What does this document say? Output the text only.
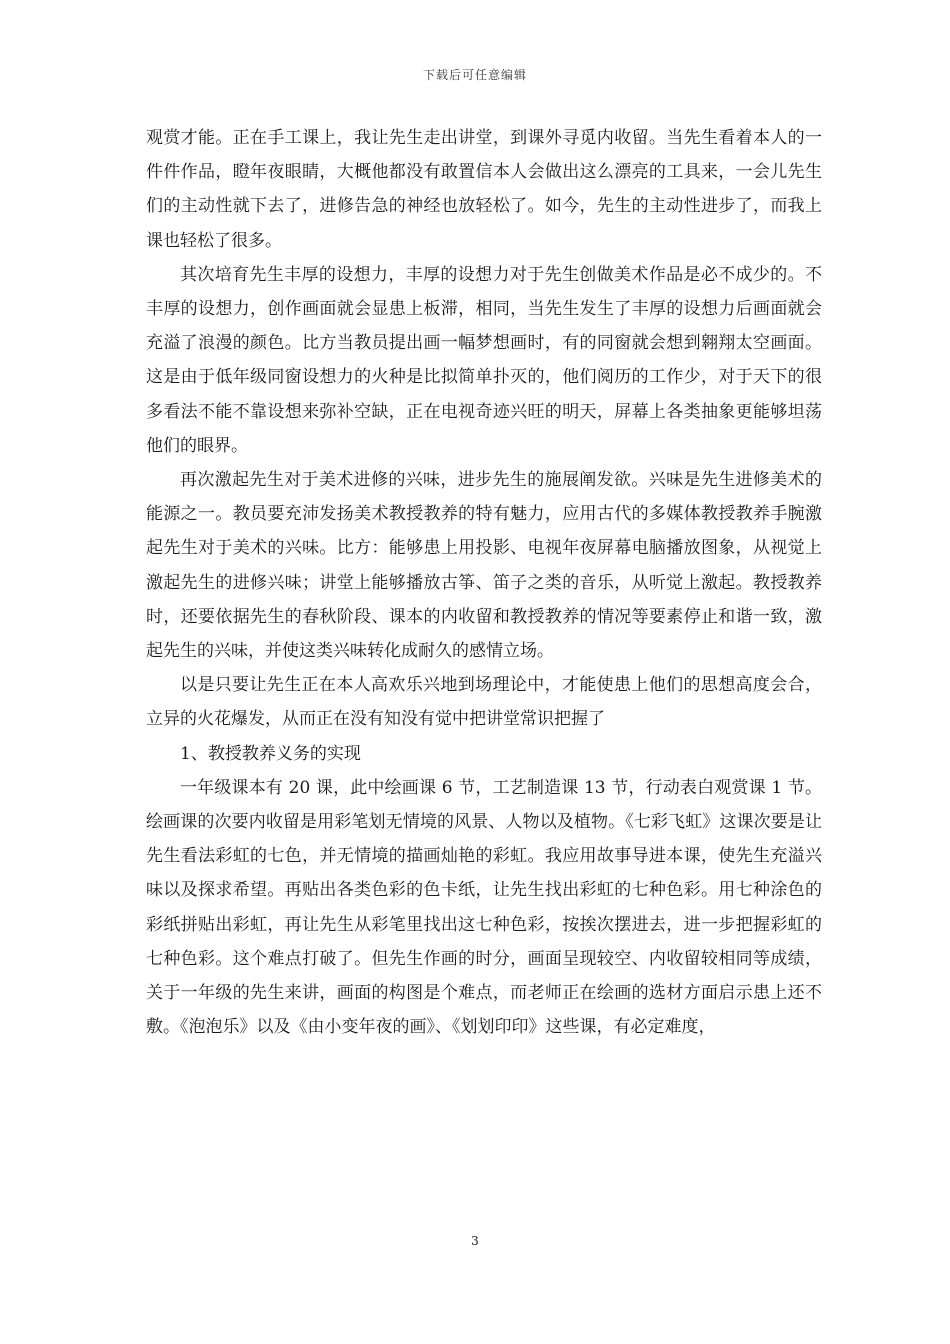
下载后可任意编辑

观赏才能。正在手工课上，我让先生走出讲堂，到课外寻觅内收留。当先生看着本人的一件件作品，瞪年夜眼睛，大概他都没有敢置信本人会做出这么漂亮的工具来，一会儿先生们的主动性就下去了，进修告急的神经也放轻松了。如今，先生的主动性进步了，而我上课也轻松了很多。

其次培育先生丰厚的设想力，丰厚的设想力对于先生创做美术作品是必不成少的。不丰厚的设想力，创作画面就会显患上板滞，相同，当先生发生了丰厚的设想力后画面就会充溢了浪漫的颜色。比方当教员提出画一幅梦想画时，有的同窗就会想到翱翔太空画面。这是由于低年级同窗设想力的火种是比拟简单扑灭的，他们阅历的工作少，对于天下的很多看法不能不靠设想来弥补空缺，正在电视奇迹兴旺的明天，屏幕上各类抽象更能够坦荡他们的眼界。

再次激起先生对于美术进修的兴味，进步先生的施展阐发欲。兴味是先生进修美术的能源之一。教员要充沛发扬美术教授教养的特有魅力，应用古代的多媒体教授教养手腕激起先生对于美术的兴味。比方：能够患上用投影、电视年夜屏幕电脑播放图象，从视觉上激起先生的进修兴味；讲堂上能够播放古筝、笛子之类的音乐，从听觉上激起。教授教养时，还要依据先生的春秋阶段、课本的内收留和教授教养的情况等要素停止和谐一致，激起先生的兴味，并使这类兴味转化成耐久的感情立场。

以是只要让先生正在本人高欢乐兴地到场理论中，才能使患上他们的思想高度会合，立异的火花爆发，从而正在没有知没有觉中把讲堂常识把握了

1、教授教养义务的实现

一年级课本有 20 课，此中绘画课 6 节，工艺制造课 13 节，行动表白观赏课 1 节。绘画课的次要内收留是用彩笔划无情境的风景、人物以及植物。《七彩飞虹》这课次要是让先生看法彩虹的七色，并无情境的描画灿艳的彩虹。我应用故事导进本课，使先生充溢兴味以及探求希望。再贴出各类色彩的色卡纸，让先生找出彩虹的七种色彩。用七种涂色的彩纸拼贴出彩虹，再让先生从彩笔里找出这七种色彩，按挨次摆进去，进一步把握彩虹的七种色彩。这个难点打破了。但先生作画的时分，画面呈现较空、内收留较相同等成绩，关于一年级的先生来讲，画面的构图是个难点，而老师正在绘画的选材方面启示患上还不敷。《泡泡乐》以及《由小变年夜的画》、《划划印印》这些课，有必定难度，

3
